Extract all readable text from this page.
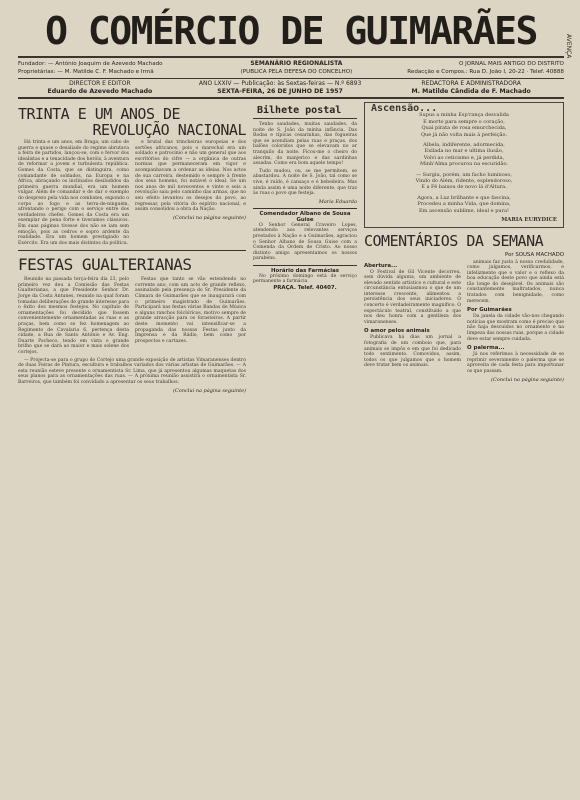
O COMÉRCIO DE GUIMARÃES	AVENÇA
Fundador: — António Joaquim de Azevedo Machado
Proprietárias: — M. Matilde C. F. Machado e Irmã
SEMANÁRIO REGIONALISTA
(PUBLICA PELA DEFESA DO CONCELHO)
O JORNAL MAIS ANTIGO DO DISTRITO
Redacção e Compos.: Rua D. João I, 20-22 · Telef. 40888
DIRECTOR E EDITOR
Eduardo de Azevedo Machado
ANO LXXIV — Publicação: às Sextas-feiras — N.º 6893
SEXTA-FEIRA, 26 DE JUNHO DE 1957
REDACTORA E ADMINISTRADORA
M. Matilde Cândida de F. Machado
TRINTA E UM ANOS DE
REVOLUÇÃO NACIONAL

Há trinta e um anos, em Braga, um cabo de guerra e quase o desaliado do regime abrutava a feira de partidos, lançou-se, com o fervor dos idealistas e a tenacidade dos heróis, à aventura de reformar a jovem e turbulenta república. Gomes da Costa, que se distinguira, como comandante de soldados, na Europa e na África, abraçando os inclinados desiludidos da primeira guerra mundial, era um homem vulgar. Além de comandar e de dar o exemplo do desprezo pela vida nos combates, expondo o corpo ao fogo e as terra-de-ninguém, afrontando o perigo com o serviço entre dos verdadeiros chefes. Gomes da Costa era um exemplar de pena forte e tiveramos clássicos. Em suas páginas tivesse dos não se iam sem emoção, pois as cedros e sopro ardente da realidade. Era um homem prestigiado no Exército. Era um dos mais distintos da política.

e brutal das trincheiras europeias e dos sertões africanos, pois o marechal era um soldado e patrocínio e não um general que aos escritórios do cifre — a orgânica de outras normas que permaneceram em vigor e acompanhavam a ordenar as ideias. Nos actos de sua carreira, destemido e sempre à frente dos seus homens, foi notável o ideal. Se um nos anos de mil novecentos e vinte e seis a revolução saiu pelo caminho das armas, que no seu efeito levantou os desejos do povo, ao regressar, pela vitória do espírito nacional, e assim consolidou a obra da Nação.

(Conclui na página seguinte)
FESTAS GUALTERIANAS

Reunido na passada terça-feira dia 23, pelo primeiro vez deu a Comissão das Festas Gualterianas, a que Presidente Senhor Dr. Jorge da Costa Antunes, reunido na qual foram tomadas deliberações de grande interesse para o êxito dos mesmos festejos. No capítulo de ornamentações foi decidido que fossem convenientemente ornamentadas as ruas e as praças, bem como se fez homenagem ao Regimento de Cavalaria 6, pertença desta cidade, a Rua de Santo António e Av. Eng. Duarte Pacheco, tendo em vista o grande brilho que se dará ao maior e mais solene dos cortejos.

Festas que tanto se vão estendendo no corrente ano, com um acto de grande reflexo, assinalado pela presença do Sr. Presidente da Câmara de Guimarães que se inaugurará com o primeiro magistrado de Guimarães. Participará nas festas várias Bandas de Música e alguns ranchos folclóricos, motivo sempre de grande atracção para os forasteiros. A partir deste momento vai intensificar-se a propaganda das nossas Festas junto da Imprensa e da Rádio, bem como por prospectos e cartazes.

— Projecta-se para o grupo do Cortejo uma grande exposição de artistas Vimaranenses dentro de duas Feiras de Pintura, escultura e trabalhos variados dos várias artistas de Guimarães. — A esta reunião esteve presente o ornamentista Sr. Lima, que já apresentou algumas maquetas dos seus planos para as ornamentações das ruas. — A próxima reunião assistirá o ornamentista Sr. Barreiros, que também foi convidado a apresentar os seus trabalhos.

(Conclui na página seguinte)
Bilhete postal

Tenho saudades, muitas saudades, da noite de S. João da minha infância. Das Rodas e típicas cesarinhas, das fogueiras que se acendiam pelas ruas e praças, dos balões coloridos que se elevavam no ar tranquilo da noite. Ficou-me o cheiro do alecrim, do manjerico e das sardinhas assadas. Como era bom aquele tempo!

Tudo mudou, ou, se me permitem, se abastardou. A noite de S. João, tal como se vive, é ruído, é cansaço e é bebedeira. Mas ainda assim é uma noite diferente, que traz às ruas o povo que festeja.

Maria Eduarda
Comendador Albano de Sousa Guise

O Senhor General Craveiro Lopes, atendendo aos relevantes serviços prestados à Nação e a Guimarães, agraciou o Senhor Albano de Sousa Guise com a Comenda da Ordem de Cristo. Ao nosso distinto amigo apresentamos os nossos parabéns.

Horário das Farmácias

No próximo domingo está de serviço permanente a farmácia

PRAÇA. Telef. 40407.
Ascensão...
Supus a minha Esp'rança desvalida
E morto para sempre o coração,
Quai pirata de rosa emurchecida,
Que já não volta mais à perfeição.
Albela, indiferente, adormecida,
Exilada no mar e ultima ilusão,
Volvi ao ceticismo e, já perdida,
Minh'Alma procurou na escuridão.
— Surgiu, porém, um facho luminoso,
Vindo do Além, ridente, esplendoroso,
E a Fé baixou de novo lá d'Altura.
Agora, a Luz brilhante e que fascina,
Procedeu a minha Vida, que domina,
Em ascensão sublime, ideal e pura!
MARIA EURYDICE
COMENTÁRIOS DA SEMANA
Por SOUSA MACHADO
Abertura...

O Festival de Gil Vicente decorreu, sem dúvida alguma, um ambiente de elevado sentido artístico e cultural e este circunstância entusiasmou o que de um interesse crescente, alimentou a persistência dos seus iniciadores. O concerto é verdadeiramente magnífico. O espectáculo teatral, constituído a que nos deu honra com a gentileza dos vimaranenses.

O amor pelos animais

Publicava há dias um jornal a fotografia de um comboio que, para animais se impôs e em que foi dedicado todo sentimento. Comovidos, assim, todos os que julgamos que o homem deve tratar bem os animais.

animais faz justa à nossa credulidade, como julgamos, verificarmos, e infelizmente que o valor e o reflexo da boa educação deste povo que ainda está tão longe do desejável. Os animais são constantemente maltratados, nunca tratados com benignidade, como merecem.

Por Guimarães

Da janela da cidade vão-nos chegando notícias que mostram como é preciso que não haja descuidos no ornamento e na limpeza das nossas ruas, porque a cidade deve estar sempre cuidada.

O palerma...

Já nos referimos à necessidade de se reprimir severamente o palerma que se aproveita de cada festa para importunar os que passam.

(Conclui na página seguinte)
